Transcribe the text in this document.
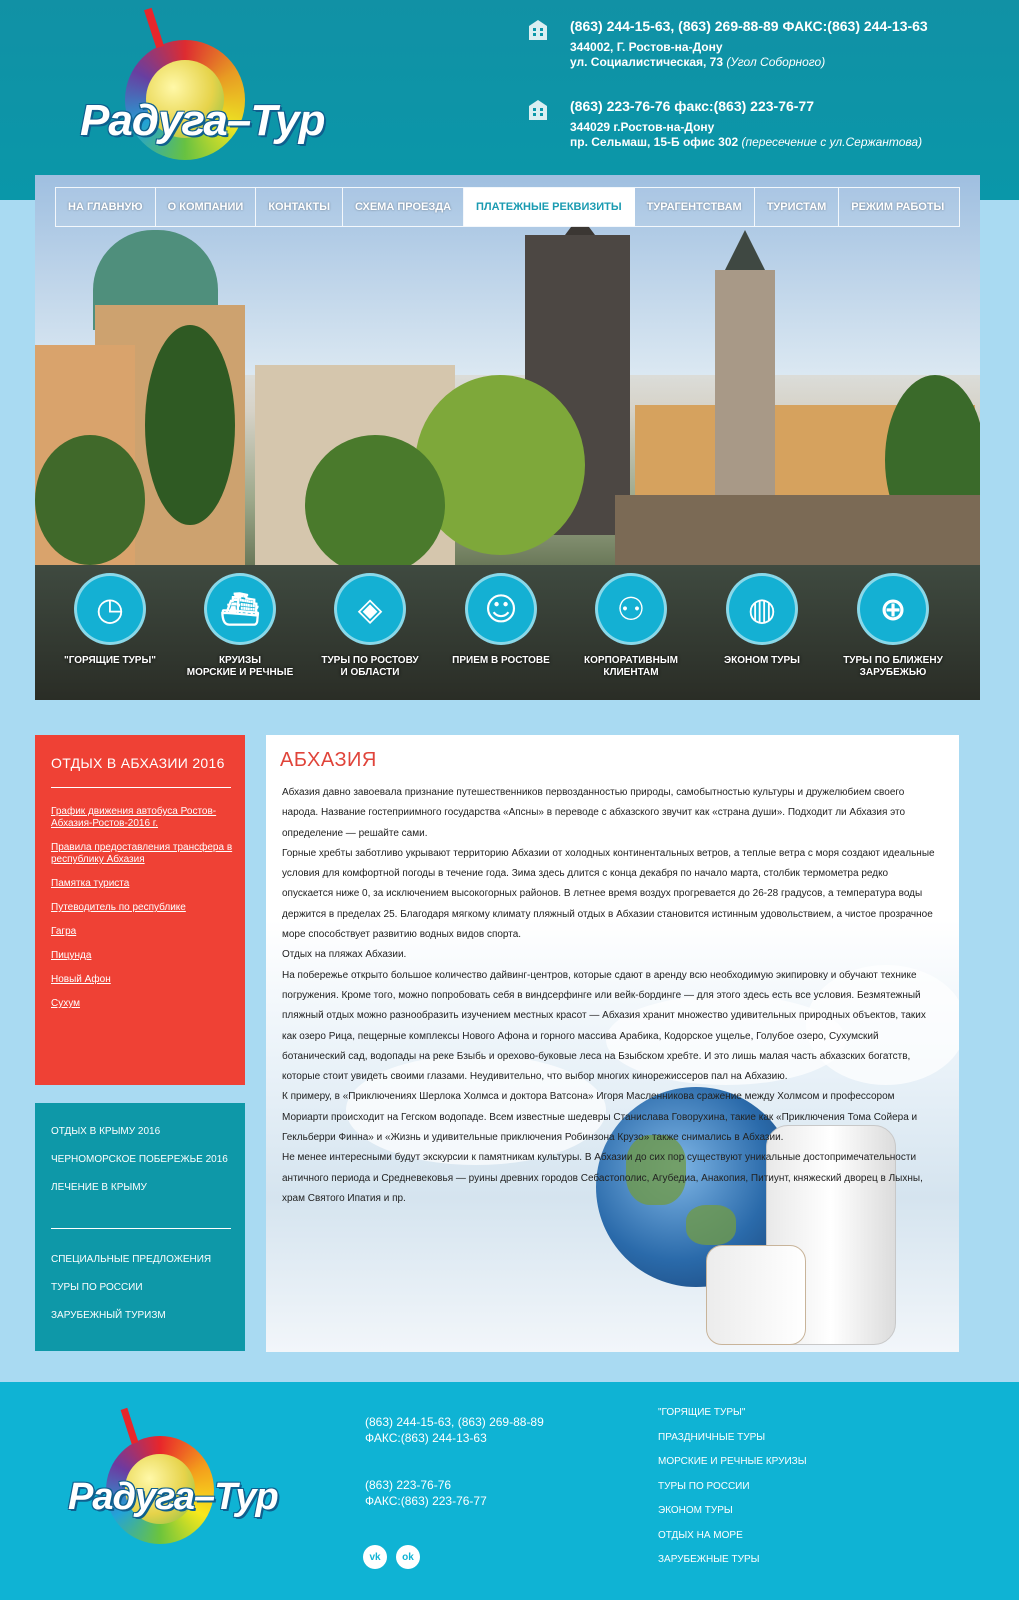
Радуга–Тур
(863) 244-15-63, (863) 269-88-89 ФАКС:(863) 244-13-63
344002, Г. Ростов-на-Дону
ул. Социалистическая, 73 (Угол Соборного)
(863) 223-76-76 факс:(863) 223-76-77
344029 г.Ростов-на-Дону
пр. Сельмаш, 15-Б офис 302 (пересечение с ул.Сержантова)
НА ГЛАВНУЮ	О КОМПАНИИ	КОНТАКТЫ	СХЕМА ПРОЕЗДА	ПЛАТЕЖНЫЕ РЕКВИЗИТЫ	ТУРАГЕНТСТВАМ	ТУРИСТАМ	РЕЖИМ РАБОТЫ
◷
"ГОРЯЩИЕ ТУРЫ"
⛴
КРУИЗЫ
МОРСКИЕ И РЕЧНЫЕ
◈
ТУРЫ ПО РОСТОВУ
И ОБЛАСТИ
☺
ПРИЕМ В РОСТОВЕ
⚇
КОРПОРАТИВНЫМ
КЛИЕНТАМ
◍
ЭКОНОМ ТУРЫ
⊕
ТУРЫ ПО БЛИЖЕНУ
ЗАРУБЕЖЬЮ
ОТДЫХ В АБХАЗИИ 2016
График движения автобуса Ростов-Абхазия-Ростов-2016 г.
Правила предоставления трансфера в республику Абхазия
Памятка туриста
Путеводитель по республике
Гагра
Пицунда
Новый Афон
Сухум
ОТДЫХ В КРЫМУ 2016
ЧЕРНОМОРСКОЕ ПОБЕРЕЖЬЕ 2016
ЛЕЧЕНИЕ В КРЫМУ
СПЕЦИАЛЬНЫЕ ПРЕДЛОЖЕНИЯ
ТУРЫ ПО РОССИИ
ЗАРУБЕЖНЫЙ ТУРИЗМ
АБХАЗИЯ

Абхазия давно завоевала признание путешественников первозданностью природы, самобытностью культуры и дружелюбием своего народа. Название гостеприимного государства «Апсны» в переводе с абхазского звучит как «страна души». Подходит ли Абхазия это определение — решайте сами.

Горные хребты заботливо укрывают территорию Абхазии от холодных континентальных ветров, а теплые ветра с моря создают идеальные условия для комфортной погоды в течение года. Зима здесь длится с конца декабря по начало марта, столбик термометра редко опускается ниже 0, за исключением высокогорных районов. В летнее время воздух прогревается до 26-28 градусов, а температура воды держится в пределах 25. Благодаря мягкому климату пляжный отдых в Абхазии становится истинным удовольствием, а чистое прозрачное море способствует развитию водных видов спорта.

Отдых на пляжах Абхазии.

На побережье открыто большое количество дайвинг-центров, которые сдают в аренду всю необходимую экипировку и обучают технике погружения. Кроме того, можно попробовать себя в виндсерфинге или вейк-бординге — для этого здесь есть все условия. Безмятежный пляжный отдых можно разнообразить изучением местных красот — Абхазия хранит множество удивительных природных объектов, таких как озеро Рица, пещерные комплексы Нового Афона и горного массива Арабика, Кодорское ущелье, Голубое озеро, Сухумский ботанический сад, водопады на реке Бзыбь и орехово-буковые леса на Бзыбском хребте. И это лишь малая часть абхазских богатств, которые стоит увидеть своими глазами. Неудивительно, что выбор многих кинорежиссеров пал на Абхазию.

К примеру, в «Приключениях Шерлока Холмса и доктора Ватсона» Игоря Масленникова сражение между Холмсом и профессором Мориарти происходит на Гегском водопаде. Всем известные шедевры Станислава Говорухина, такие как «Приключения Тома Сойера и Гекльберри Финна» и «Жизнь и удивительные приключения Робинзона Крузо» также снимались в Абхазии.

Не менее интересными будут экскурсии к памятникам культуры. В Абхазии до сих пор существуют уникальные достопримечательности античного периода и Средневековья — руины древних городов Себастополис, Агубедиа, Анакопия, Питиунт, княжеский дворец в Лыхны, храм Святого Ипатия и пр.

Радуга–Тур
(863) 244-15-63, (863) 269-88-89
ФАКС:(863) 244-13-63
(863) 223-76-76
ФАКС:(863) 223-76-77
vk	ok
"ГОРЯЩИЕ ТУРЫ"
ПРАЗДНИЧНЫЕ ТУРЫ
МОРСКИЕ И РЕЧНЫЕ КРУИЗЫ
ТУРЫ ПО РОССИИ
ЭКОНОМ ТУРЫ
ОТДЫХ НА МОРЕ
ЗАРУБЕЖНЫЕ ТУРЫ
